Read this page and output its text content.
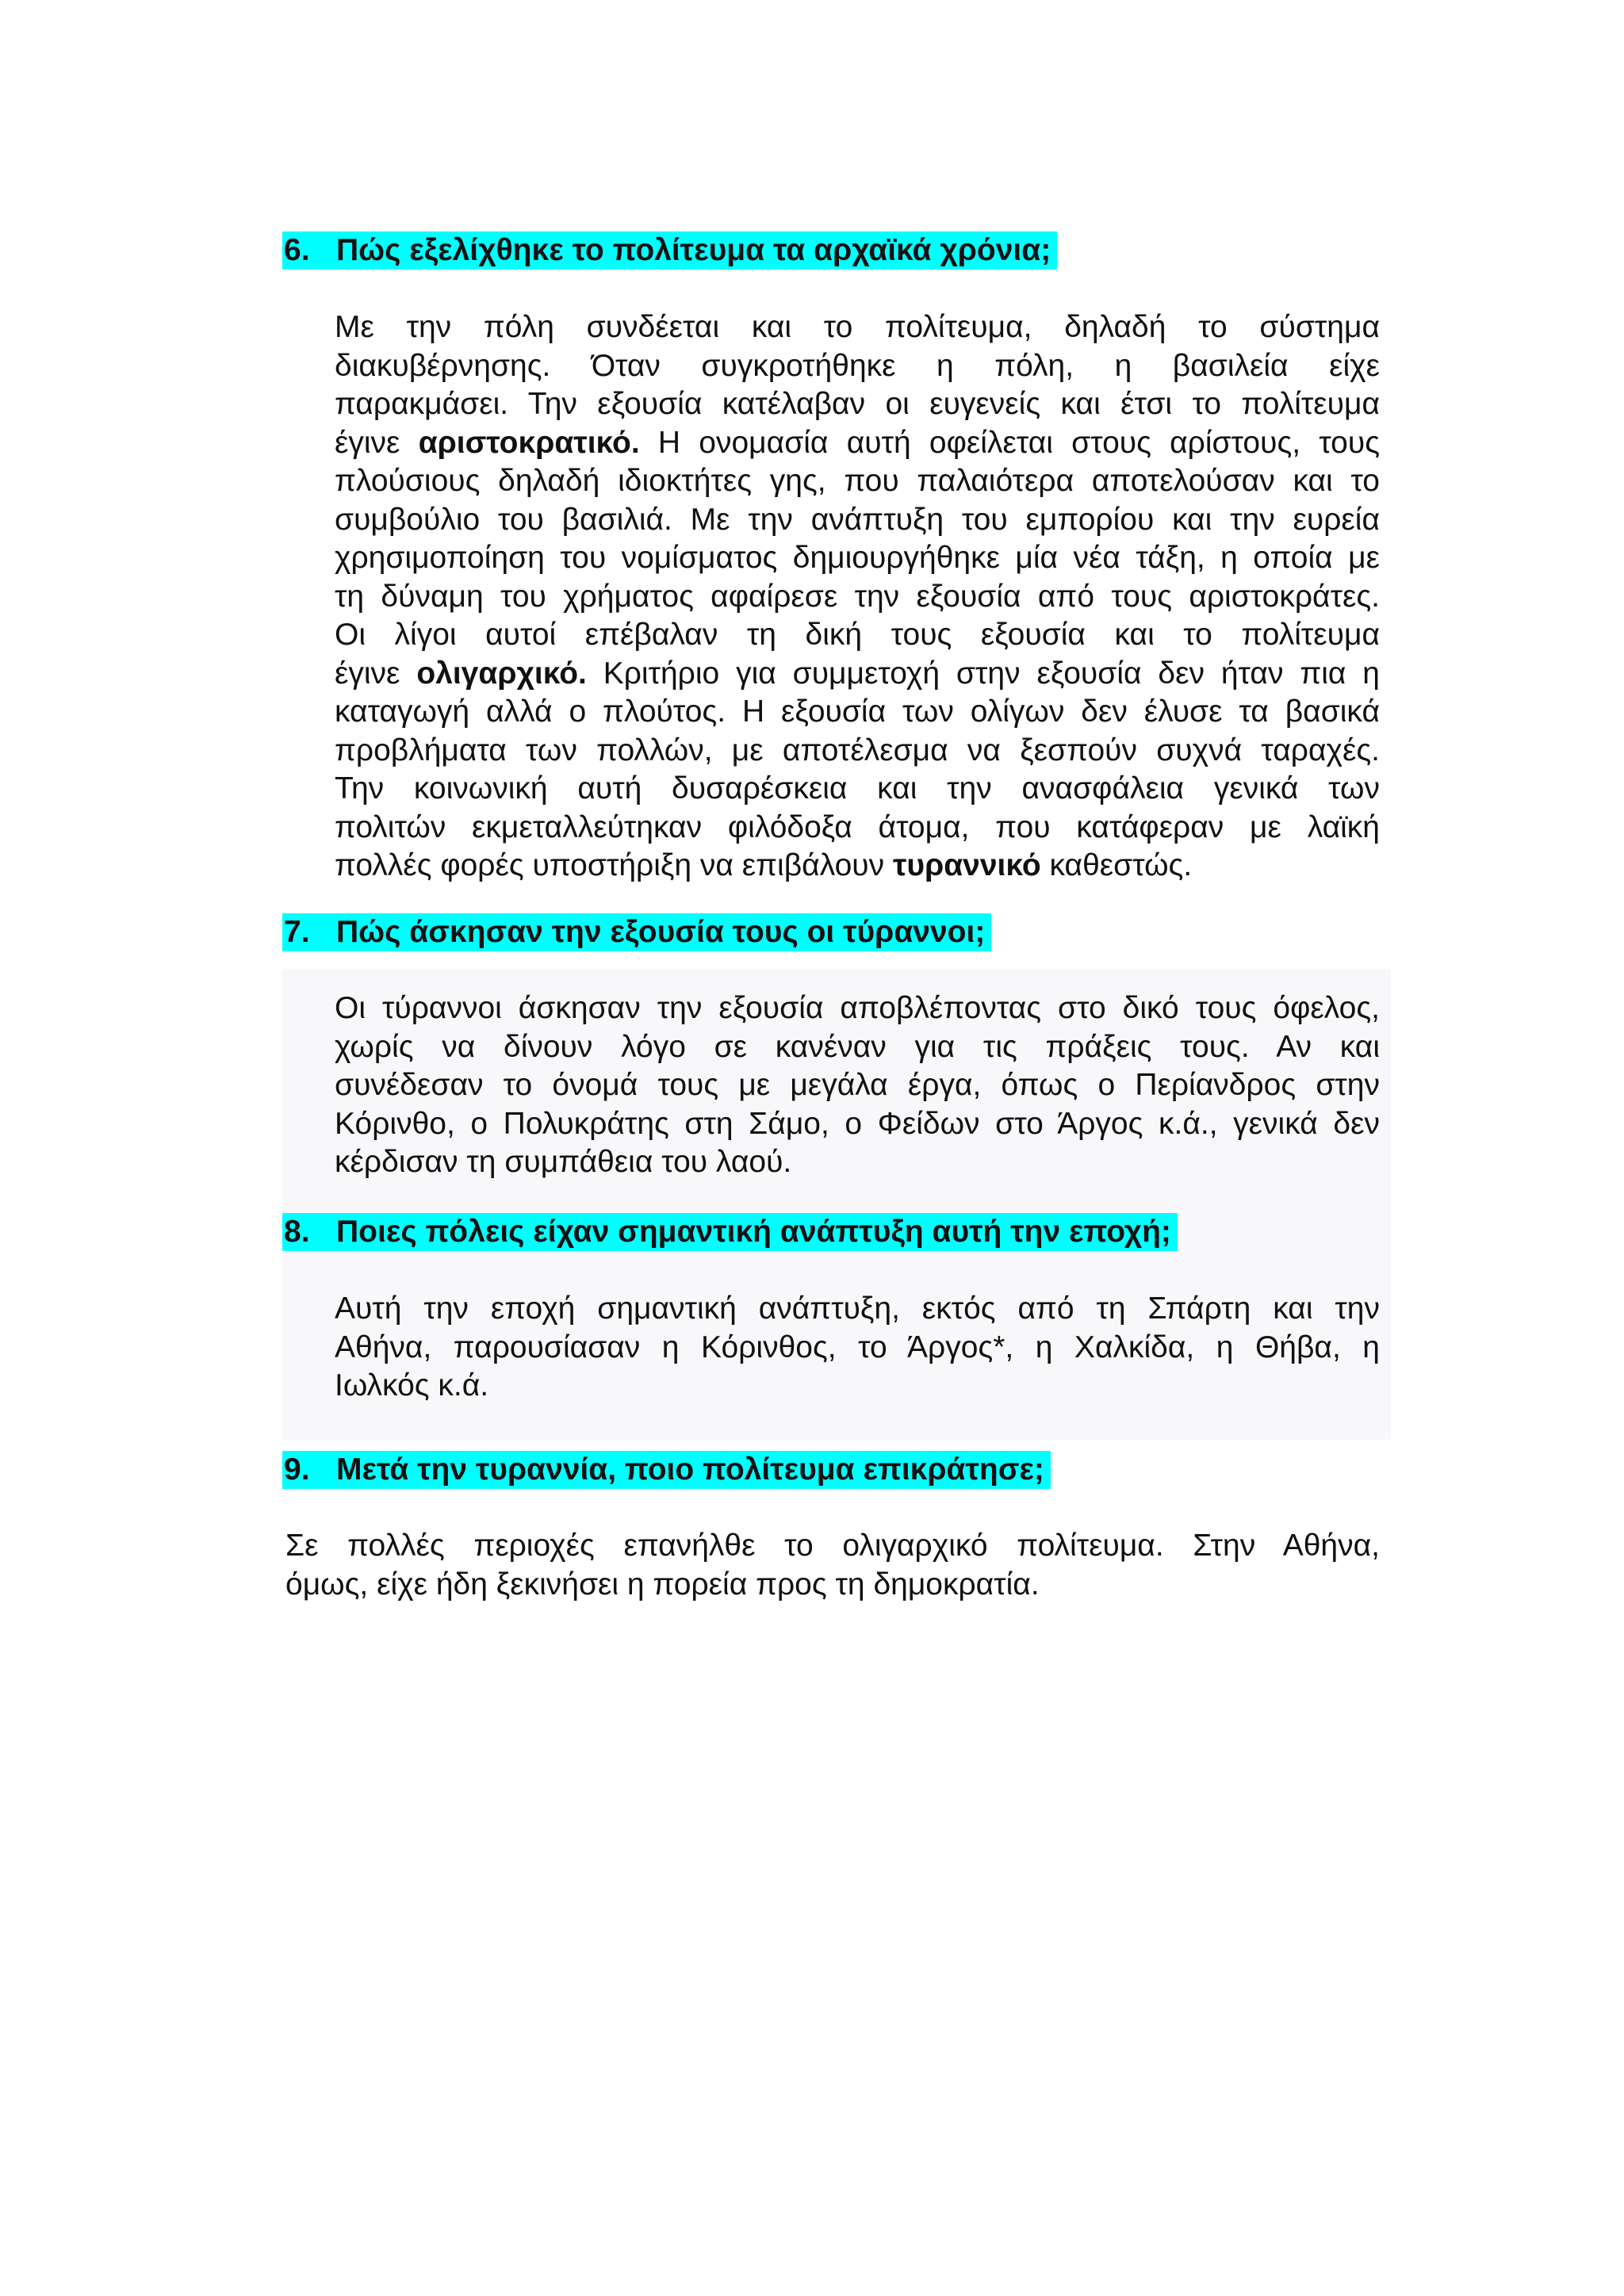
6. Πώς εξελίχθηκε το πολίτευμα τα αρχαϊκά χρόνια;
Με την πόλη συνδέεται και το πολίτευμα, δηλαδή το σύστημα
διακυβέρνησης. Όταν συγκροτήθηκε η πόλη, η βασιλεία είχε
παρακμάσει. Την εξουσία κατέλαβαν οι ευγενείς και έτσι το πολίτευμα
έγινε αριστοκρατικό. Η ονομασία αυτή οφείλεται στους αρίστους, τους
πλούσιους δηλαδή ιδιοκτήτες γης, που παλαιότερα αποτελούσαν και το
συμβούλιο του βασιλιά. Με την ανάπτυξη του εμπορίου και την ευρεία
χρησιμοποίηση του νομίσματος δημιουργήθηκε μία νέα τάξη, η οποία με
τη δύναμη του χρήματος αφαίρεσε την εξουσία από τους αριστοκράτες.
Οι λίγοι αυτοί επέβαλαν τη δική τους εξουσία και το πολίτευμα
έγινε ολιγαρχικό. Κριτήριο για συμμετοχή στην εξουσία δεν ήταν πια η
καταγωγή αλλά ο πλούτος. Η εξουσία των ολίγων δεν έλυσε τα βασικά
προβλήματα των πολλών, με αποτέλεσμα να ξεσπούν συχνά ταραχές.
Την κοινωνική αυτή δυσαρέσκεια και την ανασφάλεια γενικά των
πολιτών εκμεταλλεύτηκαν φιλόδοξα άτομα, που κατάφεραν με λαϊκή
πολλές φορές υποστήριξη να επιβάλουν τυραννικό καθεστώς.
7. Πώς άσκησαν την εξουσία τους οι τύραννοι;
Οι τύραννοι άσκησαν την εξουσία αποβλέποντας στο δικό τους όφελος,
χωρίς να δίνουν λόγο σε κανέναν για τις πράξεις τους. Αν και
συνέδεσαν το όνομά τους με μεγάλα έργα, όπως ο Περίανδρος στην
Κόρινθο, ο Πολυκράτης στη Σάμο, ο Φείδων στο Άργος κ.ά., γενικά δεν
κέρδισαν τη συμπάθεια του λαού.
8. Ποιες πόλεις είχαν σημαντική ανάπτυξη αυτή την εποχή;
Αυτή την εποχή σημαντική ανάπτυξη, εκτός από τη Σπάρτη και την
Αθήνα, παρουσίασαν η Κόρινθος, το Άργος*, η Χαλκίδα, η Θήβα, η
Ιωλκός κ.ά.
9. Μετά την τυραννία, ποιο πολίτευμα επικράτησε;
Σε πολλές περιοχές επανήλθε το ολιγαρχικό πολίτευμα. Στην Αθήνα,
όμως, είχε ήδη ξεκινήσει η πορεία προς τη δημοκρατία.
